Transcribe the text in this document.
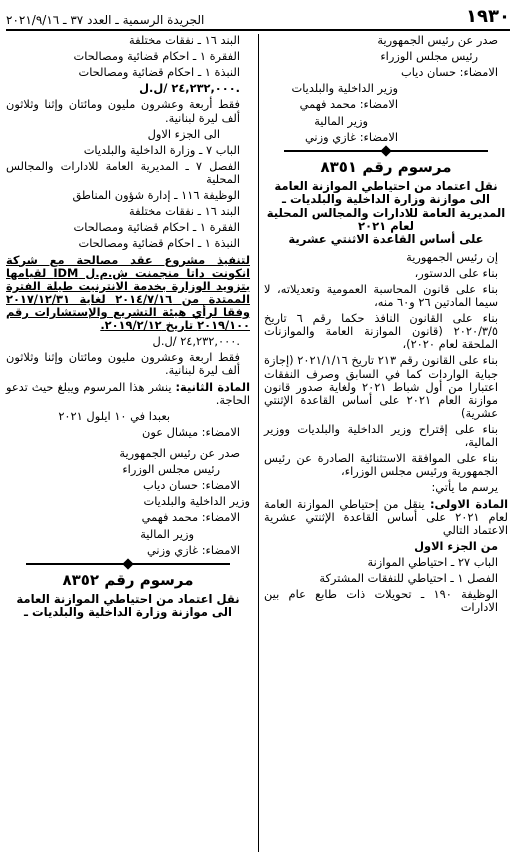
١٩٣٠
الجريدة الرسمية ـ العدد ٣٧ ـ ٢٠٢١/٩/١٦

صدر عن رئيس الجمهورية

رئيس مجلس الوزراء

الامضاء: حسان دياب

وزير الداخلية والبلديات

الامضاء: محمد فهمي

وزير المالية

الامضاء: غازي وزني

مرسوم رقم ٨٣٥١
نقل اعتماد من احتياطي الموازنة العامة
الى موازنة وزارة الداخلية والبلديات ـ
المديرية العامة للادارات والمجالس المحلية
لعام ٢٠٢١
على أساس القاعدة الاثنتي عشرية

إن رئيس الجمهورية

بناء على الدستور،

بناء على قانون المحاسبة العمومية وتعديلاته، لا سيما المادتين ٢٦ و٦٠ منه،

بناء على القانون النافذ حكما رقم ٦ تاريخ ٢٠٢٠/٣/٥ (قانون الموازنة العامة والموازنات الملحقة لعام ٢٠٢٠)،

بناء على القانون رقم ٢١٣ تاريخ ٢٠٢١/١/١٦ (إجازة جباية الواردات كما في السابق وصرف النفقات اعتبارا من أول شباط ٢٠٢١ ولغاية صدور قانون موازنة العام ٢٠٢١ على أساس القاعدة الإثنتي عشرية)

بناء على إقتراح وزير الداخلية والبلديات ووزير المالية،

بناء على الموافقة الاستثنائية الصادرة عن رئيس الجمهورية ورئيس مجلس الوزراء،

يرسم ما يأتي:

المادة الاولى: ينقل من إحتياطي الموازنة العامة لعام ٢٠٢١ على أساس القاعدة الإثنتي عشرية الاعتماد التالي

من الجزء الاول

الباب ٢٧ ـ احتياطي الموازنة

الفصل ١ ـ احتياطي للنفقات المشتركة

الوظيفة ١٩٠ ـ تحويلات ذات طابع عام بين الادارات

البند ١٦ ـ نفقات مختلفة

الفقرة ١ ـ احكام قضائية ومصالحات

النبذة ١ ـ احكام قضائية ومصالحات

٢٤,٢٣٢,٠٠٠ /ل.ل.

فقط أربعة وعشرون مليون ومائتان وإثنا وثلاثون ألف ليرة لبنانية.

الى الجزء الاول

الباب ٧ ـ وزارة الداخلية والبلديات

الفصل ٧ ـ المديرية العامة للادارات والمجالس المحلية

الوظيفة ١١٦ ـ إدارة شؤون المناطق

البند ١٦ ـ نفقات مختلفة

الفقرة ١ ـ احكام قضائية ومصالحات

النبذة ١ ـ احكام قضائية ومصالحات

لتنفيذ مشروع عقد مصالحة مع شركة انكونت داتا منجمنت ش.م.ل IDM لقيامها بتزويد الوزارة بخدمة الانترنيت طيلة الفترة الممتدة من ٢٠١٤/٧/١٦ لغاية ٢٠١٧/١٢/٣١ وفقا لرأي هيئة التشريع والإستشارات رقم ٢٠١٩/١٠٠ تاريخ ٢٠١٩/٢/١٢.

٢٤,٢٣٢,٠٠٠ /ل.ل.

فقط اربعة وعشرون مليون ومائتان وإثنا وثلاثون ألف ليرة لبنانية.

المادة الثانية: ينشر هذا المرسوم ويبلغ حيث تدعو الحاجة.

بعبدا في ١٠ ايلول ٢٠٢١

الامضاء: ميشال عون

صدر عن رئيس الجمهورية

رئيس مجلس الوزراء

الامضاء: حسان دياب

وزير الداخلية والبلديات

الامضاء: محمد فهمي

وزير المالية

الامضاء: غازي وزني

مرسوم رقم ٨٣٥٢
نقل اعتماد من احتياطي الموازنة العامة
الى موازنة وزارة الداخلية والبلديات ـ
